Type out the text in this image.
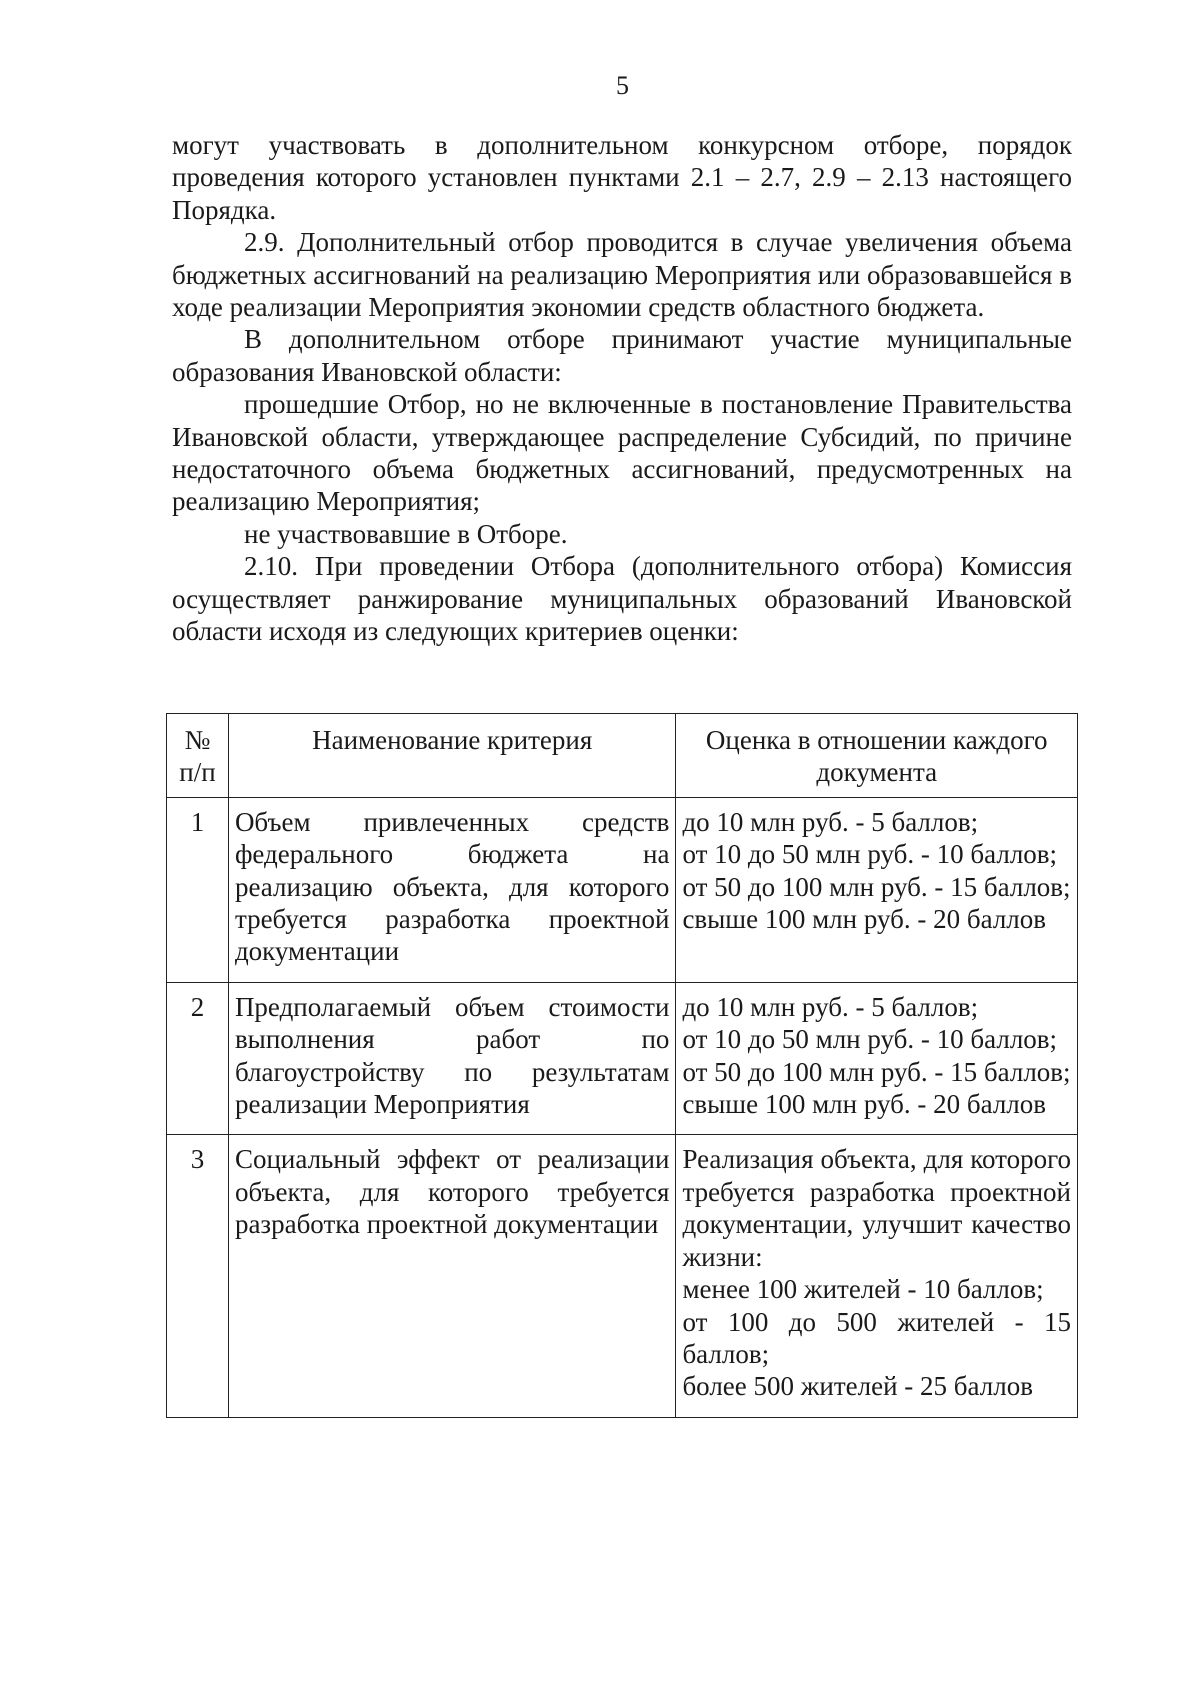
5

могут участвовать в дополнительном конкурсном отборе, порядок проведения которого установлен пунктами 2.1 – 2.7, 2.9 – 2.13 настоящего Порядка.

2.9. Дополнительный отбор проводится в случае увеличения объема бюджетных ассигнований на реализацию Мероприятия или образовавшейся в ходе реализации Мероприятия экономии средств областного бюджета.

В дополнительном отборе принимают участие муниципальные образования Ивановской области:

прошедшие Отбор, но не включенные в постановление Правительства Ивановской области, утверждающее распределение Субсидий, по причине недостаточного объема бюджетных ассигнований, предусмотренных на реализацию Мероприятия;

не участвовавшие в Отборе.

2.10. При проведении Отбора (дополнительного отбора) Комиссия осуществляет ранжирование муниципальных образований Ивановской области исходя из следующих критериев оценки:

№ п/п	Наименование критерия	Оценка в отношении каждого документа

1	Объем привлеченных средств федерального бюджета на реализацию объекта, для которого требуется разработка проектной документации	до 10 млн руб. - 5 баллов;
от 10 до 50 млн руб. - 10 баллов;
от 50 до 100 млн руб. - 15 баллов;
свыше 100 млн руб. - 20 баллов

2	Предполагаемый объем стоимости выполнения работ по благоустройству по результатам реализации Мероприятия	до 10 млн руб. - 5 баллов;
от 10 до 50 млн руб. - 10 баллов;
от 50 до 100 млн руб. - 15 баллов;
свыше 100 млн руб. - 20 баллов

3	Социальный эффект от реализации объекта, для которого требуется разработка проектной документации	Реализация объекта, для которого требуется разработка проектной документации, улучшит качество жизни:
менее 100 жителей - 10 баллов;
от 100 до 500 жителей - 15 баллов;
более 500 жителей - 25 баллов
